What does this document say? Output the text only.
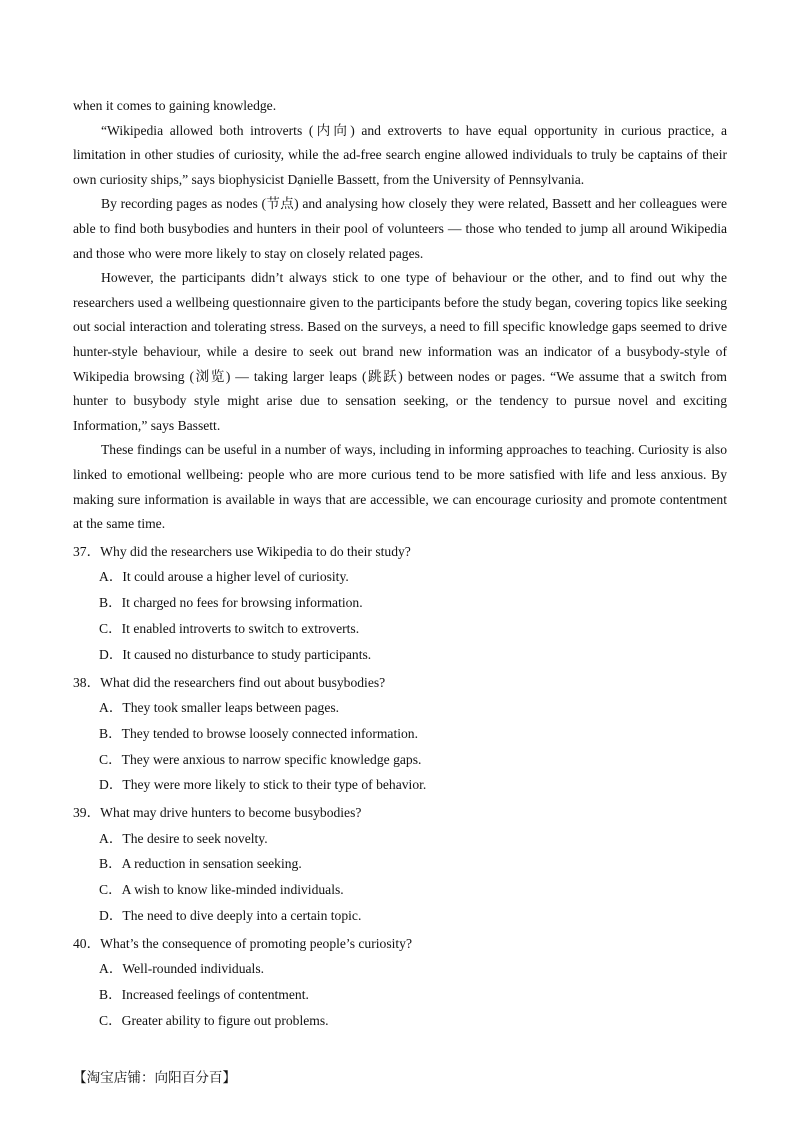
when it comes to gaining knowledge.

“Wikipedia allowed both introverts (内向) and extroverts to have equal opportunity in curious practice, a limitation in other studies of curiosity, while the ad-free search engine allowed individuals to truly be captains of their own curiosity ships,” says biophysicist Dạnielle Bassett, from the University of Pennsylvania.

By recording pages as nodes (节点) and analysing how closely they were related, Bassett and her colleagues were able to find both busybodies and hunters in their pool of volunteers — those who tended to jump all around Wikipedia and those who were more likely to stay on closely related pages.

However, the participants didn’t always stick to one type of behaviour or the other, and to find out why the researchers used a wellbeing questionnaire given to the participants before the study began, covering topics like seeking out social interaction and tolerating stress. Based on the surveys, a need to fill specific knowledge gaps seemed to drive hunter-style behaviour, while a desire to seek out brand new information was an indicator of a busybody-style of Wikipedia browsing (浏览) — taking larger leaps (跳跃) between nodes or pages. “We assume that a switch from hunter to busybody style might arise due to sensation seeking, or the tendency to pursue novel and exciting Information,” says Bassett.

These findings can be useful in a number of ways, including in informing approaches to teaching. Curiosity is also linked to emotional wellbeing: people who are more curious tend to be more satisfied with life and less anxious. By making sure information is available in ways that are accessible, we can encourage curiosity and promote contentment at the same time.

37．Why did the researchers use Wikipedia to do their study?

A．It could arouse a higher level of curiosity.
B．It charged no fees for browsing information.
C．It enabled introverts to switch to extroverts.
D．It caused no disturbance to study participants.

38．What did the researchers find out about busybodies?

A．They took smaller leaps between pages.
B．They tended to browse loosely connected information.
C．They were anxious to narrow specific knowledge gaps.
D．They were more likely to stick to their type of behavior.

39．What may drive hunters to become busybodies?

A．The desire to seek novelty.
B．A reduction in sensation seeking.
C．A wish to know like-minded individuals.
D．The need to dive deeply into a certain topic.

40．What’s the consequence of promoting people’s curiosity?

A．Well-rounded individuals.
B．Increased feelings of contentment.
C．Greater ability to figure out problems.
【淘宝店铺：向阳百分百】
